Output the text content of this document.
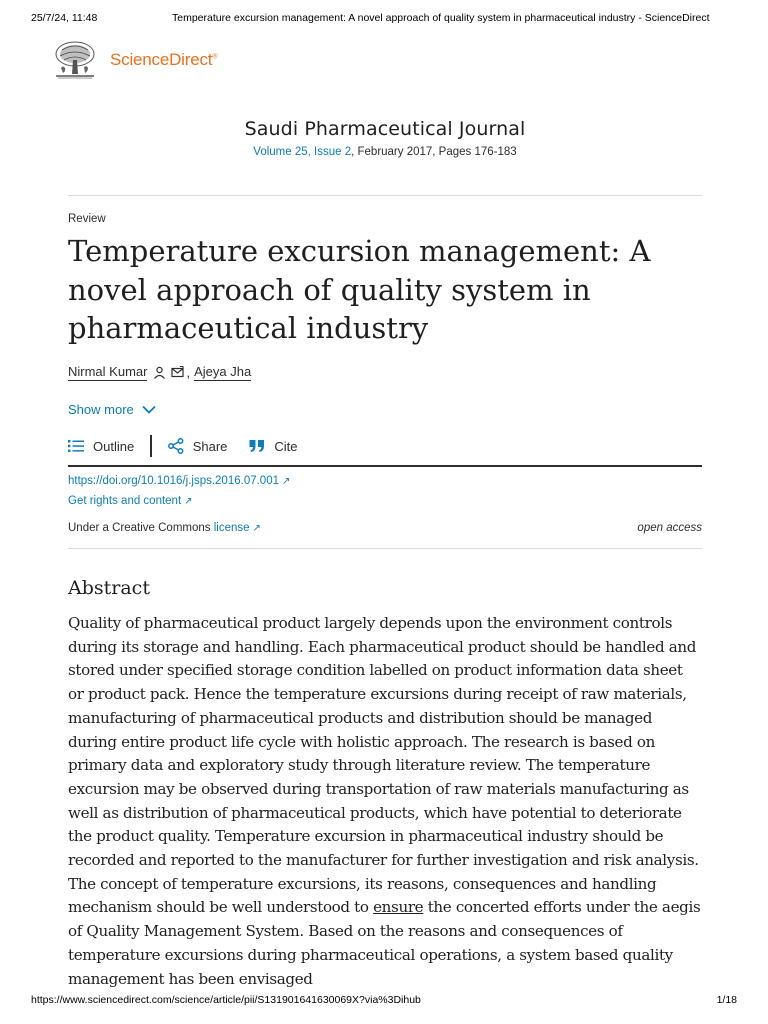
25/7/24, 11:48	Temperature excursion management: A novel approach of quality system in pharmaceutical industry - ScienceDirect
ScienceDirect®
Saudi Pharmaceutical Journal
Volume 25, Issue 2, February 2017, Pages 176-183
Review
Temperature excursion management: A novel approach of quality system in pharmaceutical industry
Nirmal Kumar	, Ajeya Jha
Show more
Outline	Share	Cite
https://doi.org/10.1016/j.jsps.2016.07.001 ↗
Get rights and content ↗
Under a Creative Commons license ↗	open access
Abstract

Quality of pharmaceutical product largely depends upon the environment controls during its storage and handling. Each pharmaceutical product should be handled and stored under specified storage condition labelled on product information data sheet or product pack. Hence the temperature excursions during receipt of raw materials, manufacturing of pharmaceutical products and distribution should be managed during entire product life cycle with holistic approach. The research is based on primary data and exploratory study through literature review. The temperature excursion may be observed during transportation of raw materials manufacturing as well as distribution of pharmaceutical products, which have potential to deteriorate the product quality. Temperature excursion in pharmaceutical industry should be recorded and reported to the manufacturer for further investigation and risk analysis. The concept of temperature excursions, its reasons, consequences and handling mechanism should be well understood to ensure the concerted efforts under the aegis of Quality Management System. Based on the reasons and consequences of temperature excursions during pharmaceutical operations, a system based quality management has been envisaged

https://www.sciencedirect.com/science/article/pii/S131901641630069X?via%3Dihub	1/18
